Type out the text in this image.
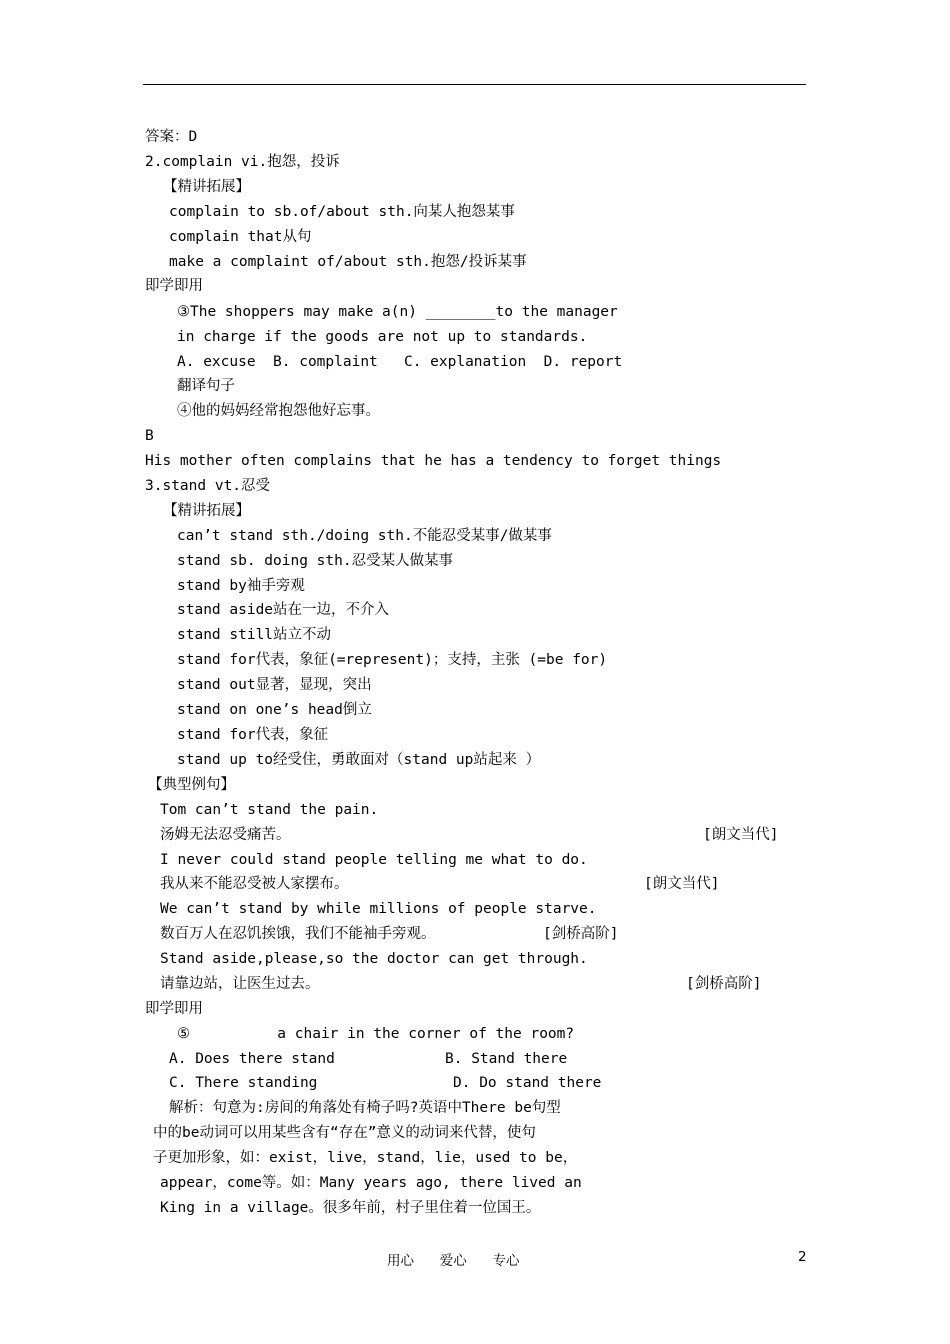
答案：D
2.complain vi.抱怨，投诉
【精讲拓展】
complain to sb.of/about sth.向某人抱怨某事
complain that从句
make a complaint of/about sth.抱怨/投诉某事
即学即用
③The shoppers may make a(n) ________to the manager
in charge if the goods are not up to standards.
A. excuse  B. complaint   C. explanation  D. report
翻译句子
④他的妈妈经常抱怨他好忘事。
B
His mother often complains that he has a tendency to forget things
3.stand vt.忍受
【精讲拓展】
can’t stand sth./doing sth.不能忍受某事/做某事
stand sb. doing sth.忍受某人做某事
stand by袖手旁观
stand aside站在一边，不介入
stand still站立不动
stand for代表，象征(=represent)；支持，主张 (=be for)
stand out显著，显现，突出
stand on one’s head倒立
stand for代表，象征
stand up to经受住，勇敢面对（stand up站起来 ）
【典型例句】
Tom can’t stand the pain.
汤姆无法忍受痛苦。	[朗文当代]
I never could stand people telling me what to do.
我从来不能忍受被人家摆布。	[朗文当代]
We can’t stand by while millions of people starve.
数百万人在忍饥挨饿，我们不能袖手旁观。	[剑桥高阶]
Stand aside,please,so the doctor can get through.
请靠边站，让医生过去。	[剑桥高阶]
即学即用
⑤          a chair in the corner of the room?
A. Does there stand	B. Stand there
C. There standing	D. Do stand there
解析：句意为:房间的角落处有椅子吗?英语中There be句型
中的be动词可以用某些含有“存在”意义的动词来代替，使句
子更加形象，如：exist，live，stand，lie，used to be，
appear，come等。如：Many years ago, there lived an
King in a village。很多年前，村子里住着一位国王。
用心      爱心      专心	2
